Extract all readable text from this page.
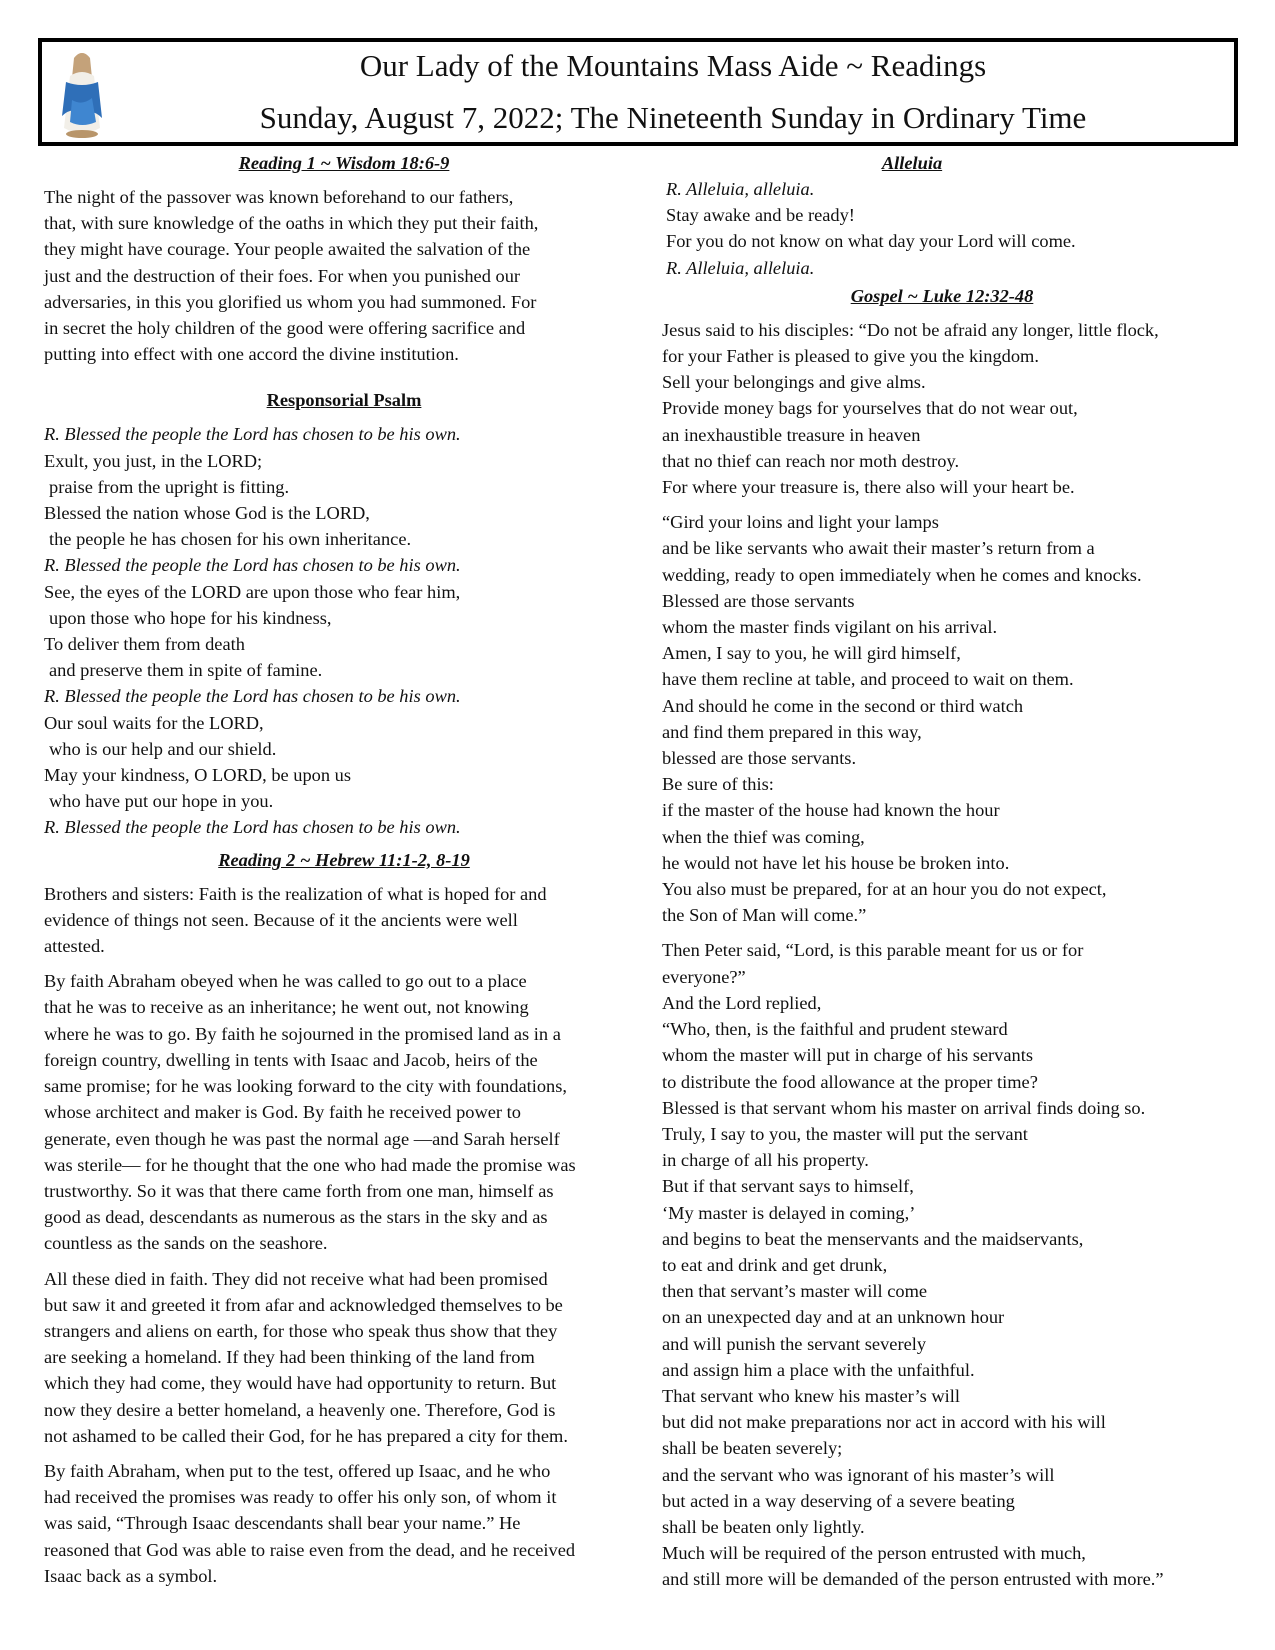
Our Lady of the Mountains Mass Aide ~ Readings
Sunday, August 7, 2022; The Nineteenth Sunday in Ordinary Time
Reading 1 ~ Wisdom 18:6-9
The night of the passover was known beforehand to our fathers,
that, with sure knowledge of the oaths in which they put their faith,
they might have courage. Your people awaited the salvation of the
just and the destruction of their foes. For when you punished our
adversaries, in this you glorified us whom you had summoned. For
in secret the holy children of the good were offering sacrifice and
putting into effect with one accord the divine institution.
Responsorial Psalm
R. Blessed the people the Lord has chosen to be his own.
Exult, you just, in the LORD;
praise from the upright is fitting.
Blessed the nation whose God is the LORD,
the people he has chosen for his own inheritance.
R. Blessed the people the Lord has chosen to be his own.
See, the eyes of the LORD are upon those who fear him,
upon those who hope for his kindness,
To deliver them from death
and preserve them in spite of famine.
R. Blessed the people the Lord has chosen to be his own.
Our soul waits for the LORD,
who is our help and our shield.
May your kindness, O LORD, be upon us
who have put our hope in you.
R. Blessed the people the Lord has chosen to be his own.
Reading 2 ~ Hebrew 11:1-2, 8-19
Brothers and sisters: Faith is the realization of what is hoped for and
evidence of things not seen. Because of it the ancients were well
attested.
By faith Abraham obeyed when he was called to go out to a place
that he was to receive as an inheritance; he went out, not knowing
where he was to go. By faith he sojourned in the promised land as in a
foreign country, dwelling in tents with Isaac and Jacob, heirs of the
same promise; for he was looking forward to the city with foundations,
whose architect and maker is God. By faith he received power to
generate, even though he was past the normal age —and Sarah herself
was sterile— for he thought that the one who had made the promise was
trustworthy. So it was that there came forth from one man, himself as
good as dead, descendants as numerous as the stars in the sky and as
countless as the sands on the seashore.
All these died in faith. They did not receive what had been promised
but saw it and greeted it from afar and acknowledged themselves to be
strangers and aliens on earth, for those who speak thus show that they
are seeking a homeland. If they had been thinking of the land from
which they had come, they would have had opportunity to return. But
now they desire a better homeland, a heavenly one. Therefore, God is
not ashamed to be called their God, for he has prepared a city for them.
By faith Abraham, when put to the test, offered up Isaac, and he who
had received the promises was ready to offer his only son, of whom it
was said, “Through Isaac descendants shall bear your name.” He
reasoned that God was able to raise even from the dead, and he received
Isaac back as a symbol.
Alleluia
R. Alleluia, alleluia.
Stay awake and be ready!
For you do not know on what day your Lord will come.
R. Alleluia, alleluia.
Gospel ~ Luke 12:32-48
Jesus said to his disciples: “Do not be afraid any longer, little flock,
for your Father is pleased to give you the kingdom.
Sell your belongings and give alms.
Provide money bags for yourselves that do not wear out,
an inexhaustible treasure in heaven
that no thief can reach nor moth destroy.
For where your treasure is, there also will your heart be.
“Gird your loins and light your lamps
and be like servants who await their master’s return from a
wedding, ready to open immediately when he comes and knocks.
Blessed are those servants
whom the master finds vigilant on his arrival.
Amen, I say to you, he will gird himself,
have them recline at table, and proceed to wait on them.
And should he come in the second or third watch
and find them prepared in this way,
blessed are those servants.
Be sure of this:
if the master of the house had known the hour
when the thief was coming,
he would not have let his house be broken into.
You also must be prepared, for at an hour you do not expect,
the Son of Man will come.”
Then Peter said, “Lord, is this parable meant for us or for
everyone?”
And the Lord replied,
“Who, then, is the faithful and prudent steward
whom the master will put in charge of his servants
to distribute the food allowance at the proper time?
Blessed is that servant whom his master on arrival finds doing so.
Truly, I say to you, the master will put the servant
in charge of all his property.
But if that servant says to himself,
‘My master is delayed in coming,’
and begins to beat the menservants and the maidservants,
to eat and drink and get drunk,
then that servant’s master will come
on an unexpected day and at an unknown hour
and will punish the servant severely
and assign him a place with the unfaithful.
That servant who knew his master’s will
but did not make preparations nor act in accord with his will
shall be beaten severely;
and the servant who was ignorant of his master’s will
but acted in a way deserving of a severe beating
shall be beaten only lightly.
Much will be required of the person entrusted with much,
and still more will be demanded of the person entrusted with more.”
